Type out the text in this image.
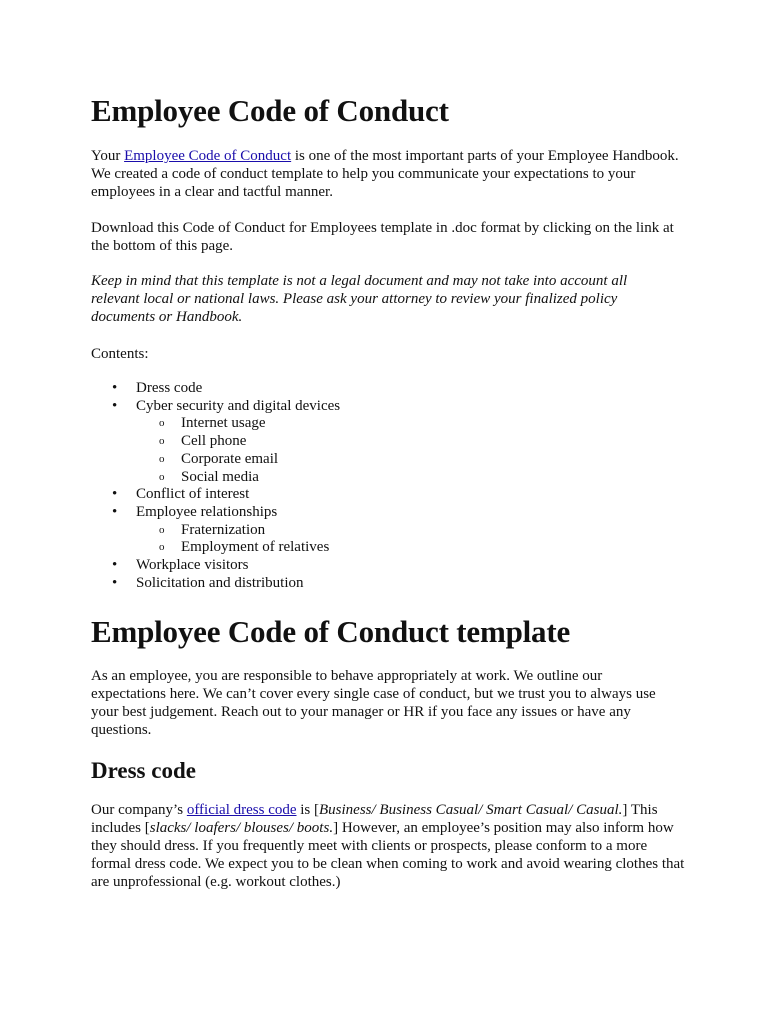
Employee Code of Conduct

Your Employee Code of Conduct is one of the most important parts of your Employee Handbook. We created a code of conduct template to help you communicate your expectations to your employees in a clear and tactful manner.

Download this Code of Conduct for Employees template in .doc format by clicking on the link at the bottom of this page.

Keep in mind that this template is not a legal document and may not take into account all relevant local or national laws. Please ask your attorney to review your finalized policy documents or Handbook.

Contents:

• Dress code
• Cyber security and digital devices
o Internet usage
o Cell phone
o Corporate email
o Social media
• Conflict of interest
• Employee relationships
o Fraternization
o Employment of relatives
• Workplace visitors
• Solicitation and distribution
Employee Code of Conduct template

As an employee, you are responsible to behave appropriately at work. We outline our expectations here. We can’t cover every single case of conduct, but we trust you to always use your best judgement. Reach out to your manager or HR if you face any issues or have any questions.

Dress code

Our company’s official dress code is [Business/ Business Casual/ Smart Casual/ Casual.] This includes [slacks/ loafers/ blouses/ boots.] However, an employee’s position may also inform how they should dress. If you frequently meet with clients or prospects, please conform to a more formal dress code. We expect you to be clean when coming to work and avoid wearing clothes that are unprofessional (e.g. workout clothes.)
